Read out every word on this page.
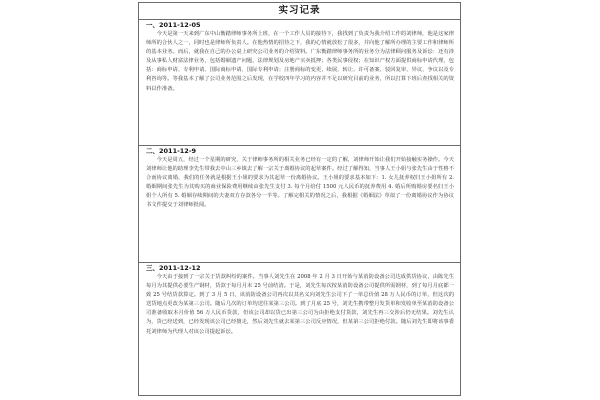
实习记录
一、2011-12-05

今天是第一天来到广东中山衡踏律师事务所上班，在一个工作人员的接待下，我找到了负责为我介绍工作的刘律师，他是这家律师所的合伙人之一，同时也是律师所负责人。在他热情的招待之下，我的心情就放松了很多，并向他了解所办理的主要工作和律师所的基本业务。而后，就我在自己的办公桌上研究公司业务的介绍资料。广东衡踏律师事务所的业务分为法律顾问服务及诉讼：还有涉及从事私人财富法律业务，包括婚姻遗产问题，法律规划及房地产买卖抵押；各类民事侵权；在知识产权方面提供商标申请代理，包括：商标申请、专利申请、国际商标申请、国际专利申请；注册商标的变更、续展、转让、许可备案、驳回复审、异议、争议以及专利咨询等。等我基本了解了公司业务范围之后发现，在学校四年学习的内容并不足以研究目前的业务，所以打算下班后查找相关的资料以作准备。

二、2011-12-9

今天是周五，经过一个星期的研究，关于律师事务所的相关业务已经有一定的了解，刘律师开始让我们开始接触实务操作。今天刘律师让他的助理李先生带我去中山三乡镇去了解一宗关于离婚协议的起草案件。经过了解得知，当事人王小姐与张先生由于性格不合而协议离婚，我们的任务就是根据王小姐的要求为其起草一份离婚协议。王小姐的要求基本如下：1. 女儿抚养权归王小姐所有 2. 婚姻期间张先生为其购买的商业保险费用继续由张先生支付 3. 每个月给付 1500 元人民币的抚养费用 4. 婚后所购婚房要名归王小姐个人所有 5. 婚姻存续期间的夫妻双方存款各分一半等。了解完相关的情况之后，我根据《婚姻法》草拟了一份离婚协议作为协议书文件提交于刘律师批阅。

三、2011-12-12

今天由于接到了一宗关于货款纠纷的案件。当事人刘先生在 2008 年 2 月 3 日开始与某消防设备公司达成供货协议，由陈先生每月为其提供必要生产钢材，货款于每月月末 25 号前结清。于是，刘先生每次按某消防设备公司提供所需钢材，到了每月月底都一致 25 号结货款算定。到了 3 月 5 日，该消防设备公司再次以其名义向刘先生公司下了一单总价值 28 万人民币的订单，但这次的送货地点更改为某第三公司。随后几次的订单均送往某第三公司。到了月底 25 号，刘先生携带整月发货单和发收单至某消防设备公司准备收取本月价值 56 万人民币货款，但该公司却以货已出第三公司为由拒绝支付货款，刘先生再三交涉后仍无结果。刘先生认为，货已经送到，已经发现该公司已经擅走，然后刘先生就去某第三公司反应情况，但某第三公司拒绝付款。随后刘先生即将该事委托刘律师为代理人对该公司提起诉讼。
